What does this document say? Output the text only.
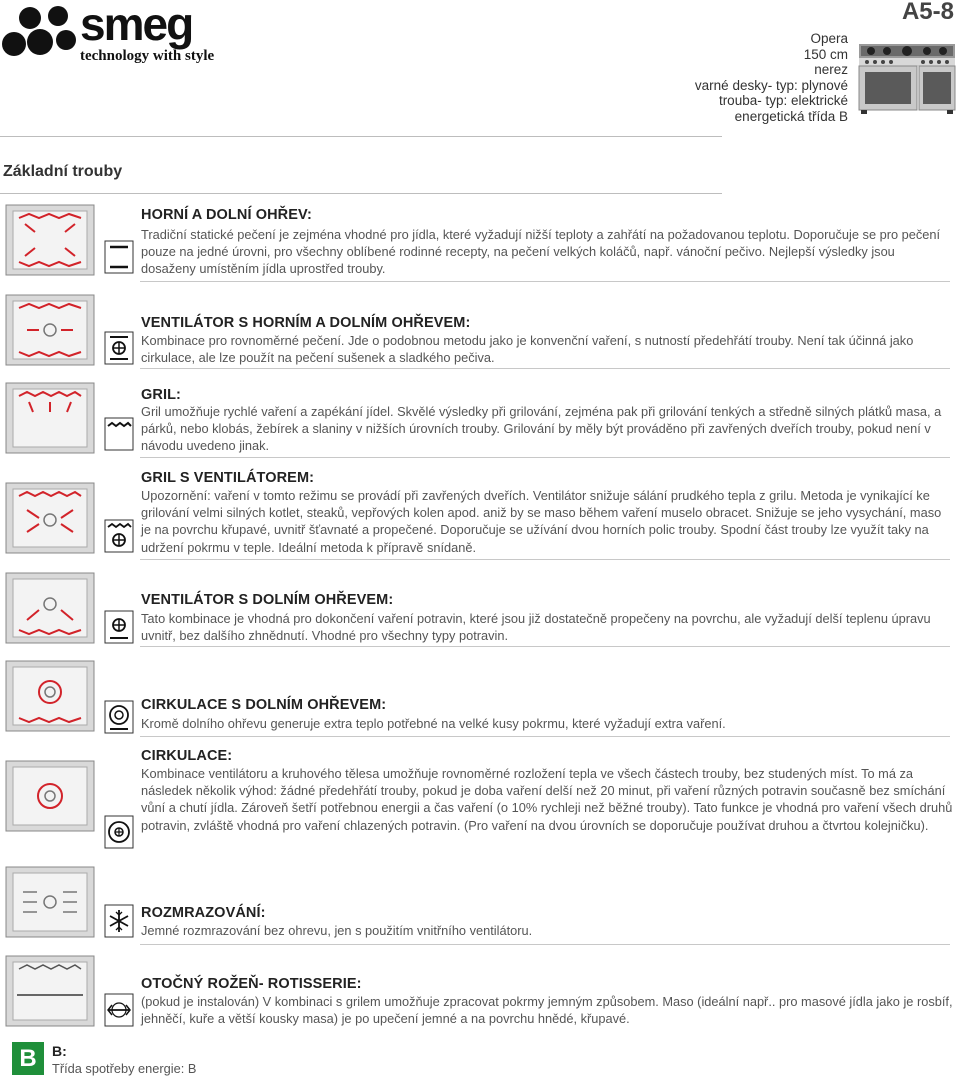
smeg
technology with style
A5-8
Opera
150 cm
nerez
varné desky- typ: plynové
trouba- typ: elektrické
energetická třída B
Základní trouby
HORNÍ A DOLNÍ OHŘEV:
Tradiční statické pečení je zejména vhodné pro jídla, které vyžadují nižší teploty a zahřátí na požadovanou teplotu. Doporučuje se pro pečení pouze na jedné úrovni, pro všechny oblíbené rodinné recepty, na pečení velkých koláčů, např. vánoční pečivo. Nejlepší výsledky jsou dosaženy umístěním jídla uprostřed trouby.
VENTILÁTOR S HORNÍM A DOLNÍM OHŘEVEM:
Kombinace pro rovnoměrné pečení. Jde o podobnou metodu jako je konvenční vaření, s nutností předehřátí trouby. Není tak účinná jako cirkulace, ale lze použít na pečení sušenek a sladkého pečiva.
GRIL:
Gril umožňuje rychlé vaření a zapékání jídel. Skvělé výsledky při grilování, zejména pak při grilování tenkých a středně silných plátků masa, a párků, nebo klobás, žebírek a slaniny v nižších úrovních trouby. Grilování by měly být prováděno při zavřených dveřích trouby, pokud není v návodu uvedeno jinak.
GRIL S VENTILÁTOREM:
Upozornění: vaření v tomto režimu se provádí při zavřených dveřích. Ventilátor snižuje sálání prudkého tepla z grilu. Metoda je vynikající ke grilování velmi silných kotlet, steaků, vepřových kolen apod. aniž by se maso během vaření muselo obracet. Snižuje se jeho vysychání, maso je na povrchu křupavé, uvnitř šťavnaté a propečené. Doporučuje se užívání dvou horních polic trouby. Spodní část trouby lze využít taky na udržení pokrmu v teple. Ideální metoda k přípravě snídaně.
VENTILÁTOR S DOLNÍM OHŘEVEM:
Tato kombinace je vhodná pro dokončení vaření potravin, které jsou již dostatečně propečeny na povrchu, ale vyžadují delší teplenu úpravu uvnitř, bez dalšího zhnědnutí. Vhodné pro všechny typy potravin.
CIRKULACE S DOLNÍM OHŘEVEM:
Kromě dolního ohřevu generuje extra teplo potřebné na velké kusy pokrmu, které vyžadují extra vaření.
CIRKULACE:
Kombinace ventilátoru a kruhového tělesa umožňuje rovnoměrné rozložení tepla ve všech částech trouby, bez studených míst. To má za následek několik výhod: žádné předehřátí trouby, pokud je doba vaření delší než 20 minut, při vaření různých potravin současně bez smíchání vůní a chutí jídla. Zároveň šetří potřebnou energii a čas vaření (o 10% rychleji než běžné trouby). Tato funkce je vhodná pro vaření všech druhů potravin, zvláště vhodná pro vaření chlazených potravin. (Pro vaření na dvou úrovních se doporučuje používat druhou a čtvrtou kolejničku).
ROZMRAZOVÁNÍ:
Jemné rozmrazování bez ohrevu, jen s použitím vnitřního ventilátoru.
OTOČNÝ ROŽEŇ- ROTISSERIE:
(pokud je instalován) V kombinaci s grilem umožňuje zpracovat pokrmy jemným způsobem. Maso (ideální např.. pro masové jídla jako je rosbíf, jehněčí, kuře a větší kousky masa) je po upečení jemné a na povrchu hnědé, křupavé.
B	B:
Třída spotřeby energie: B
